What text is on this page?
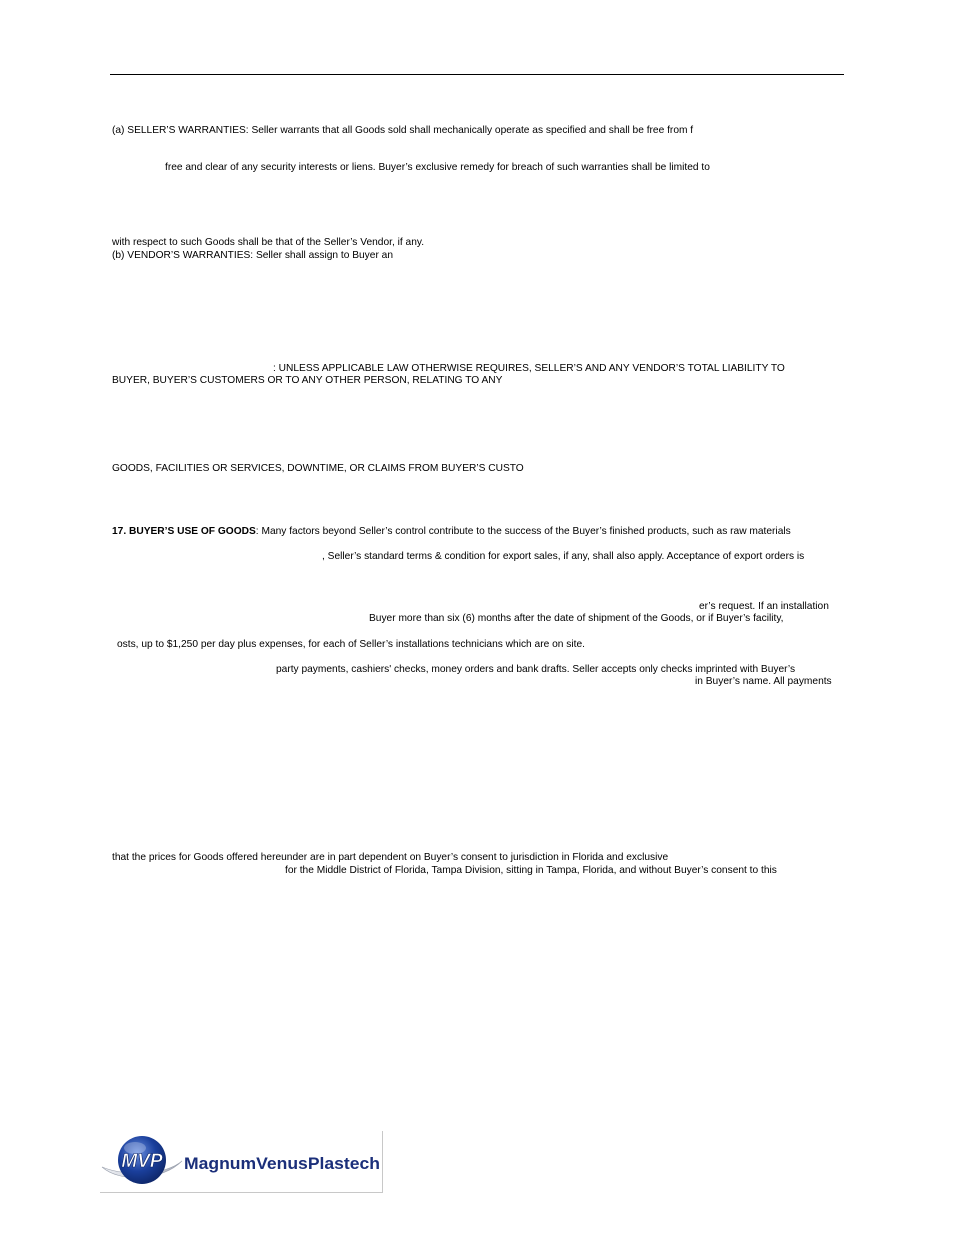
(a) SELLER’S WARRANTIES: Seller warrants that all Goods sold shall mechanically operate as specified and shall be free from f
free and clear of any security interests or liens. Buyer’s exclusive remedy for breach of such warranties shall be limited to
with respect to such Goods shall be that of the Seller’s Vendor, if any.
(b) VENDOR’S WARRANTIES: Seller shall assign to Buyer an
: UNLESS APPLICABLE LAW OTHERWISE REQUIRES, SELLER’S AND ANY VENDOR’S TOTAL LIABILITY TO
BUYER, BUYER’S CUSTOMERS OR TO ANY OTHER PERSON, RELATING TO ANY
GOODS, FACILITIES OR SERVICES, DOWNTIME, OR CLAIMS FROM BUYER’S CUSTO
17. BUYER’S USE OF GOODS: Many factors beyond Seller’s control contribute to the success of the Buyer’s finished products, such as raw materials
, Seller’s standard terms & condition for export sales, if any, shall also apply. Acceptance of export orders is
er’s request. If an installation
Buyer more than six (6) months after the date of shipment of the Goods, or if Buyer’s facility,
osts, up to $1,250 per day plus expenses, for each of Seller’s installations technicians which are on site.
party payments, cashiers' checks, money orders and bank drafts. Seller accepts only checks imprinted with Buyer’s
in Buyer’s name. All payments
that the prices for Goods offered hereunder are in part dependent on Buyer’s consent to jurisdiction in Florida and exclusive
for the Middle District of Florida, Tampa Division, sitting in Tampa, Florida, and without Buyer’s consent to this
MVP MagnumVenusPlastech
